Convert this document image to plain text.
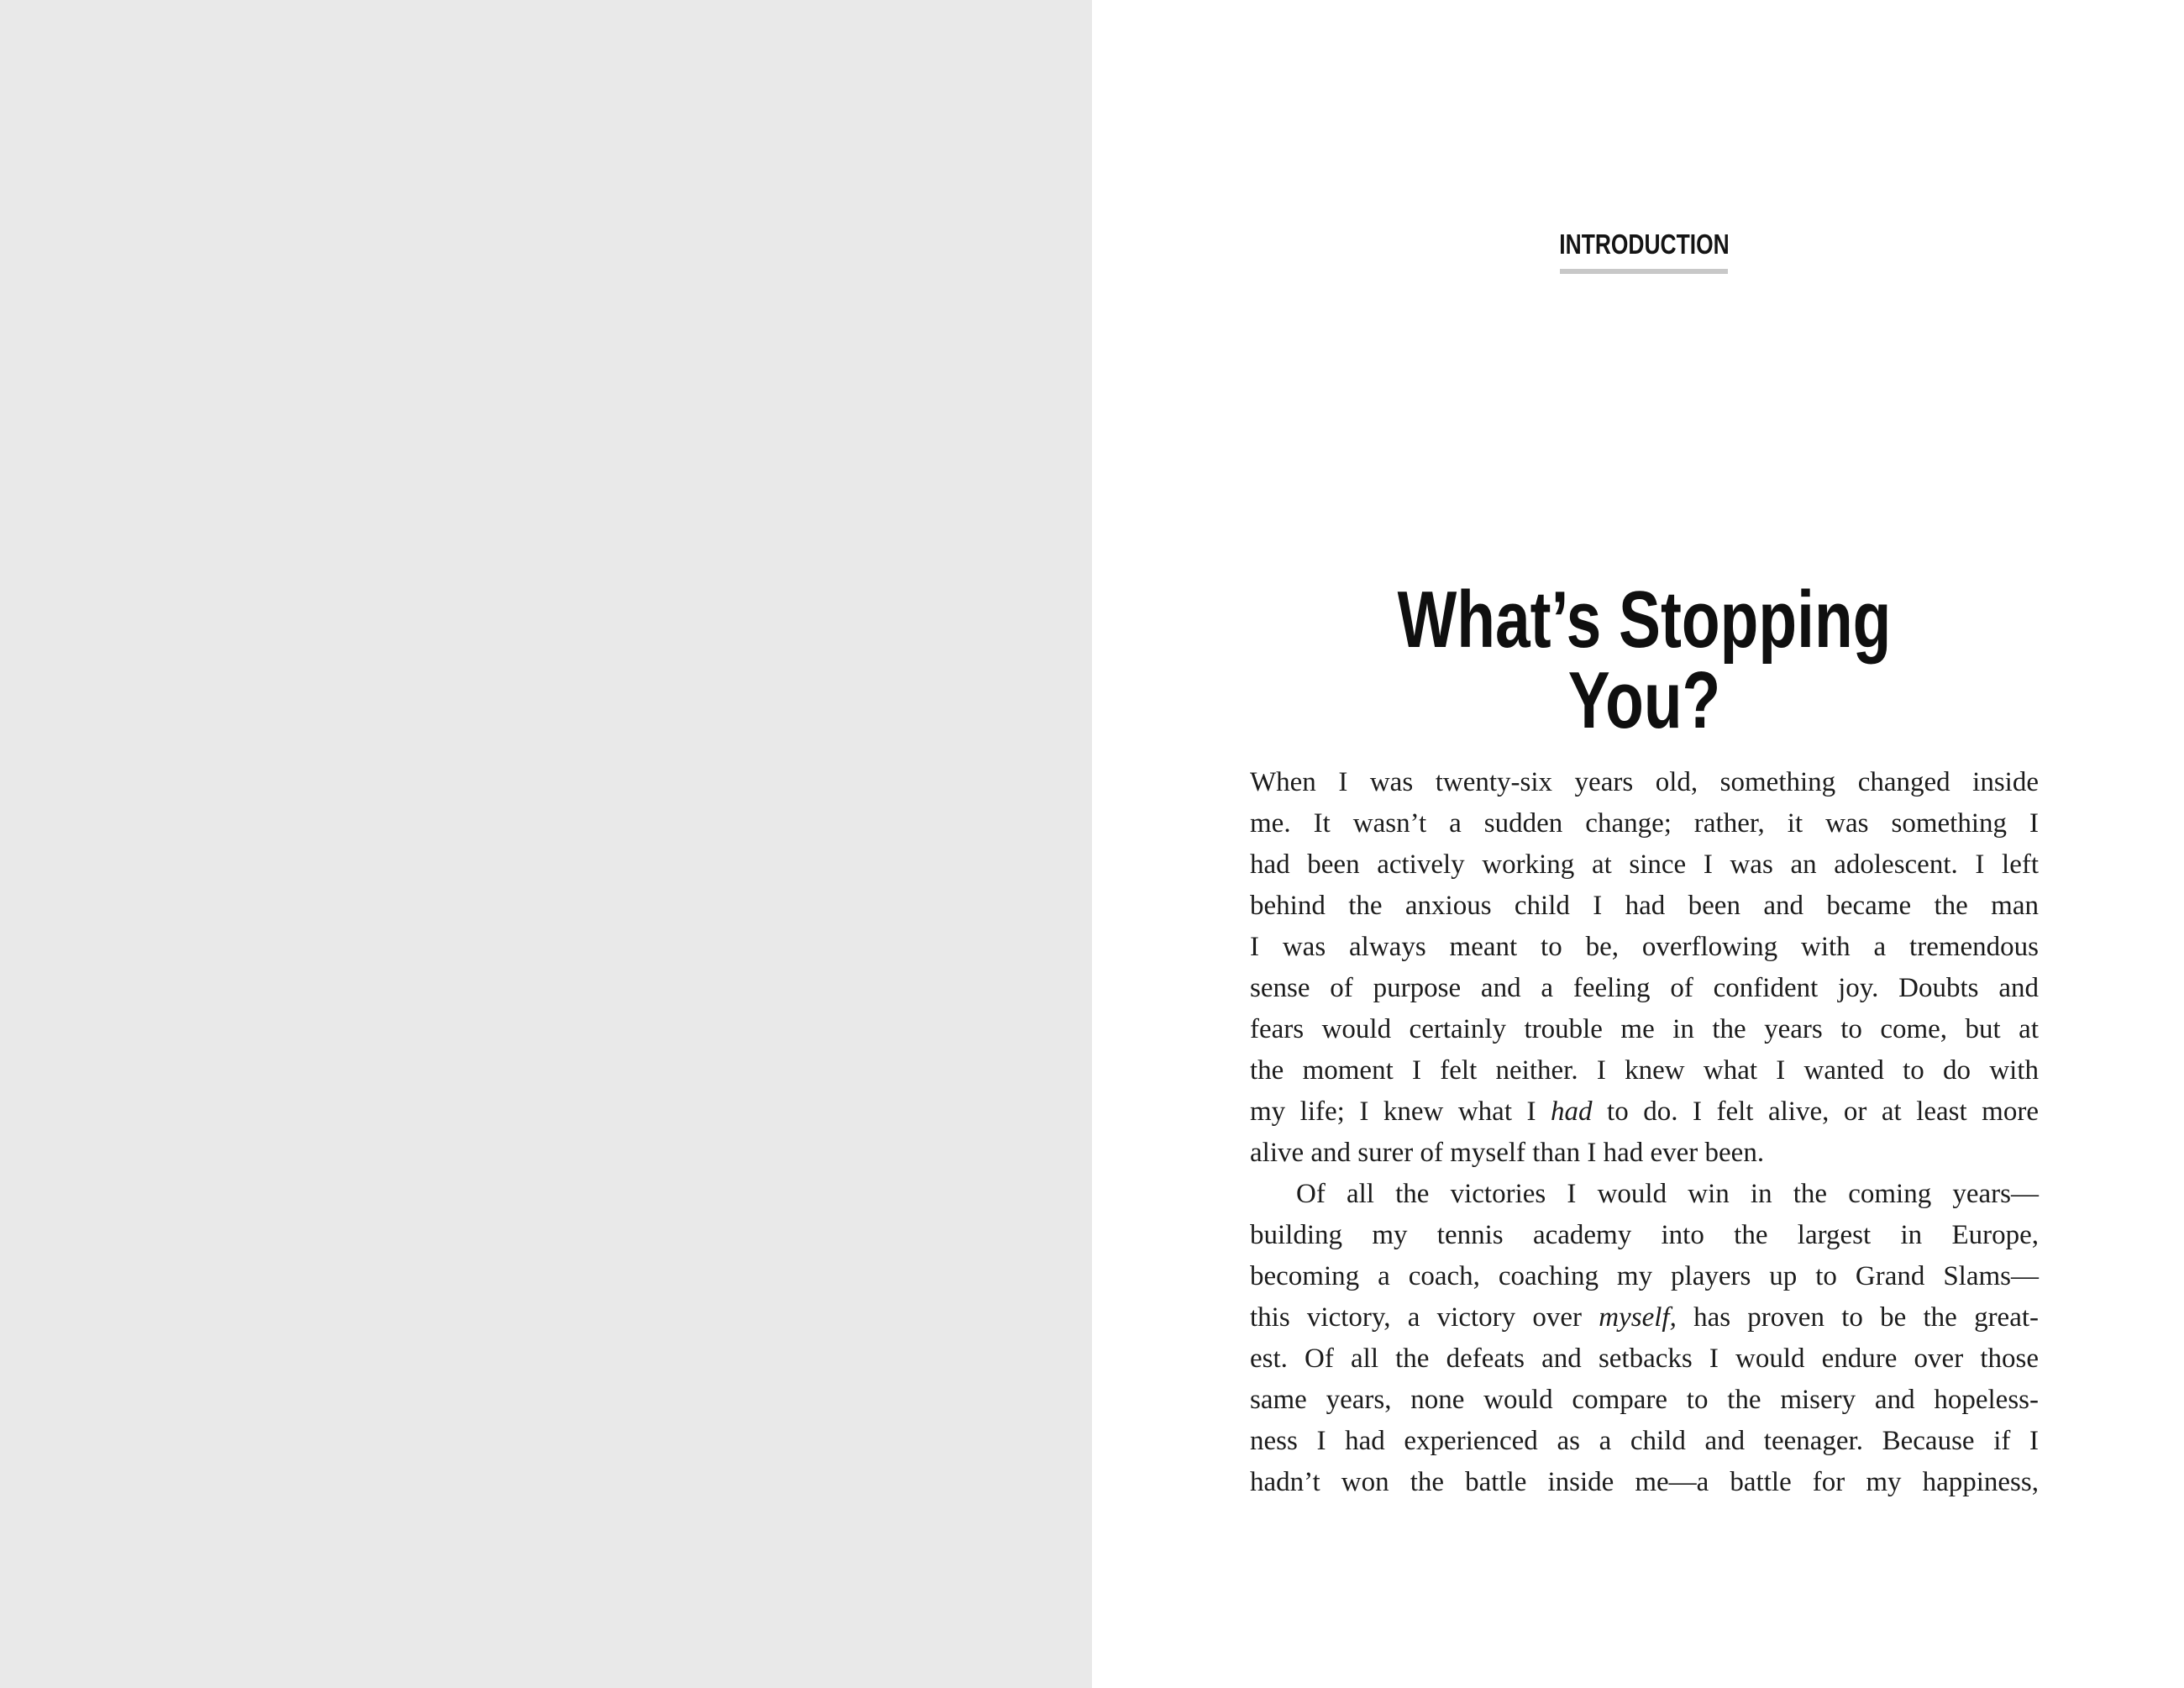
INTRODUCTION
What’s Stopping You?
When I was twenty-six years old, something changed inside
me. It wasn’t a sudden change; rather, it was something I
had been actively working at since I was an adolescent. I left
behind the anxious child I had been and became the man
I was always meant to be, overflowing with a tremendous
sense of purpose and a feeling of confident joy. Doubts and
fears would certainly trouble me in the years to come, but at
the moment I felt neither. I knew what I wanted to do with
my life; I knew what I had to do. I felt alive, or at least more
alive and surer of myself than I had ever been.
Of all the victories I would win in the coming years—
building my tennis academy into the largest in Europe,
becoming a coach, coaching my players up to Grand Slams—
this victory, a victory over myself, has proven to be the great-
est. Of all the defeats and setbacks I would endure over those
same years, none would compare to the misery and hopeless-
ness I had experienced as a child and teenager. Because if I
hadn’t won the battle inside me—a battle for my happiness,
